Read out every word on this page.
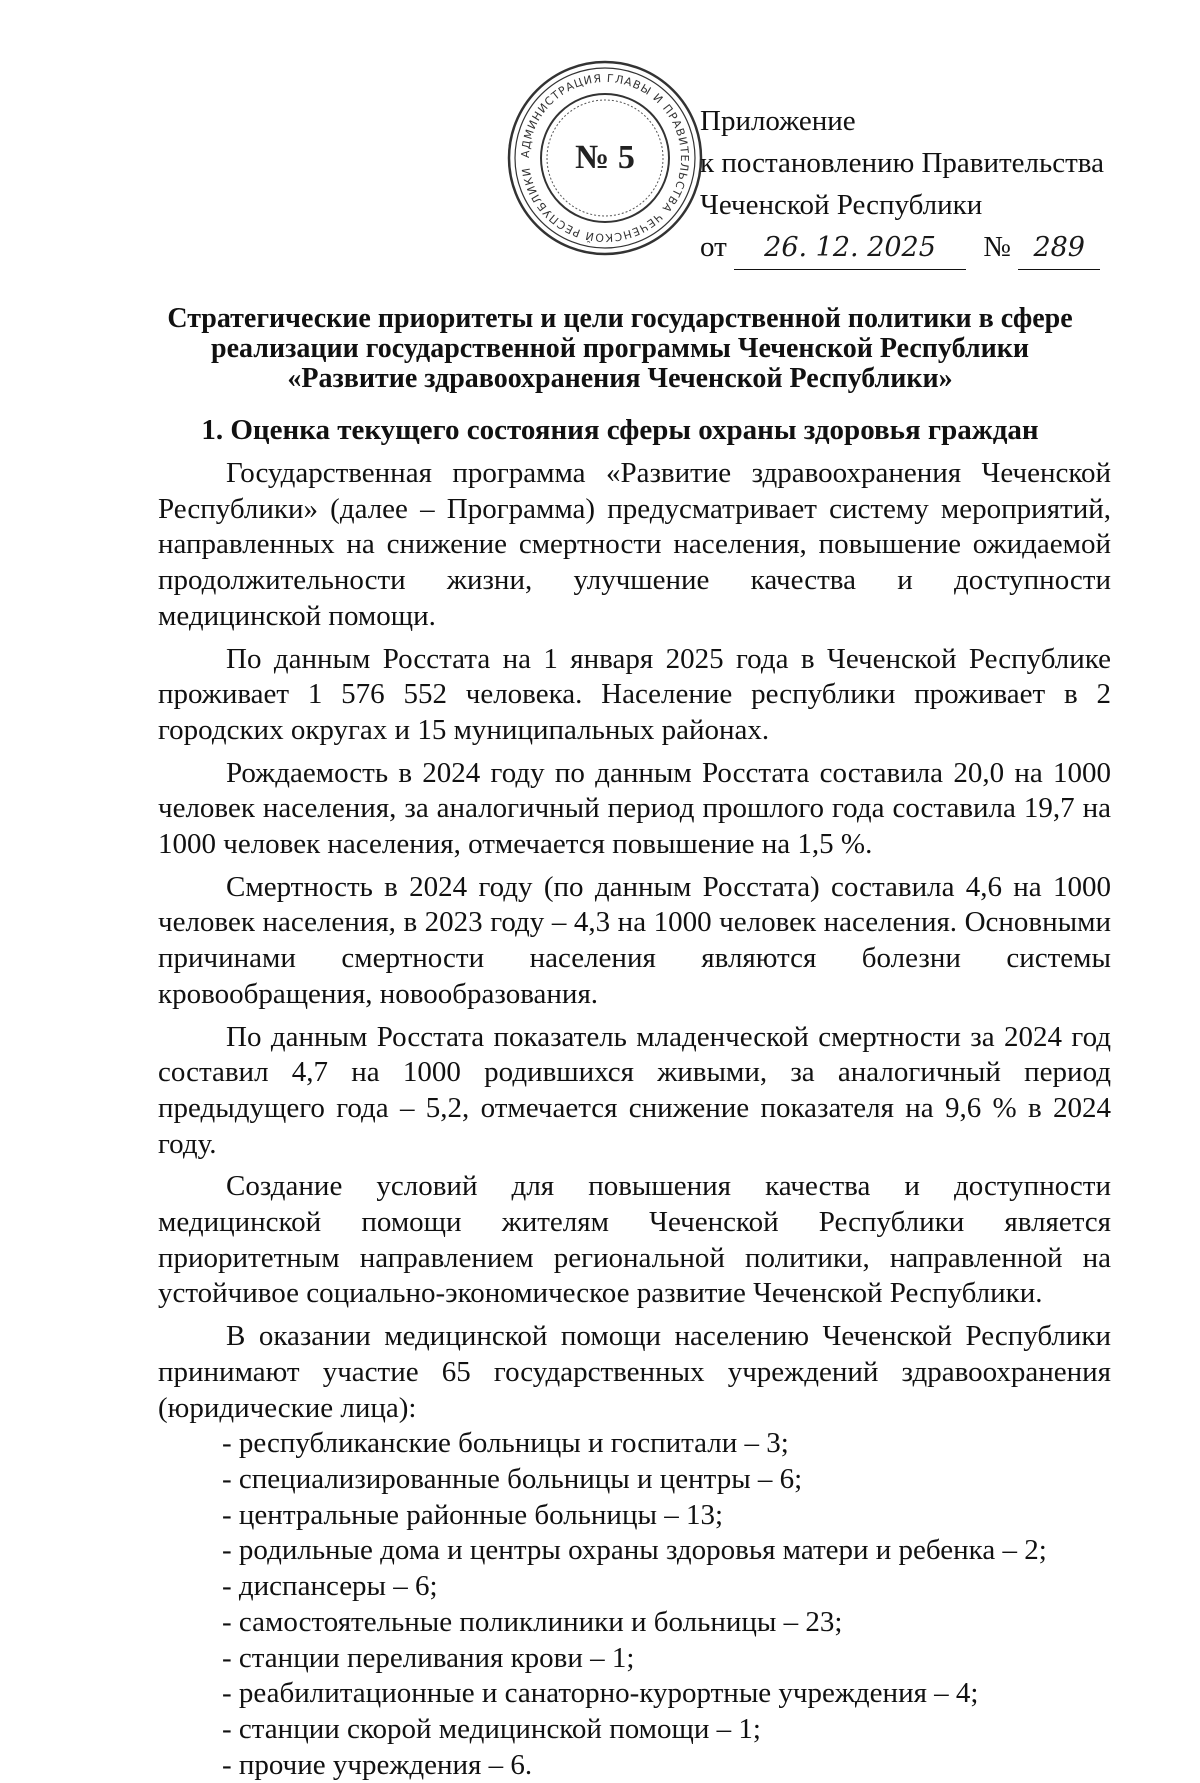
АДМИНИСТРАЦИЯ ГЛАВЫ И ПРАВИТЕЛЬСТВА ЧЕЧЕНСКОЙ РЕСПУБЛИКИ	№ 5
Приложение
к постановлению Правительства
Чеченской Республики
от 26. 12. 2025 № 289
Стратегические приоритеты и цели государственной политики в сфере
реализации государственной программы Чеченской Республики
«Развитие здравоохранения Чеченской Республики»
1. Оценка текущего состояния сферы охраны здоровья граждан

Государственная программа «Развитие здравоохранения Чеченской Республики» (далее – Программа) предусматривает систему мероприятий, направленных на снижение смертности населения, повышение ожидаемой продолжительности жизни, улучшение качества и доступности медицинской помощи.

По данным Росстата на 1 января 2025 года в Чеченской Республике проживает 1 576 552 человека. Население республики проживает в 2 городских округах и 15 муниципальных районах.

Рождаемость в 2024 году по данным Росстата составила 20,0 на 1000 человек населения, за аналогичный период прошлого года составила 19,7 на 1000 человек населения, отмечается повышение на 1,5 %.

Смертность в 2024 году (по данным Росстата) составила 4,6 на 1000 человек населения, в 2023 году – 4,3 на 1000 человек населения. Основными причинами смертности населения являются болезни системы кровообращения, новообразования.

По данным Росстата показатель младенческой смертности за 2024 год составил 4,7 на 1000 родившихся живыми, за аналогичный период предыдущего года – 5,2, отмечается снижение показателя на 9,6 % в 2024 году.

Создание условий для повышения качества и доступности медицинской помощи жителям Чеченской Республики является приоритетным направлением региональной политики, направленной на устойчивое социально-экономическое развитие Чеченской Республики.

В оказании медицинской помощи населению Чеченской Республики принимают участие 65 государственных учреждений здравоохранения (юридические лица):

- республиканские больницы и госпитали – 3;
- специализированные больницы и центры – 6;
- центральные районные больницы – 13;
- родильные дома и центры охраны здоровья матери и ребенка – 2;
- диспансеры – 6;
- самостоятельные поликлиники и больницы – 23;
- станции переливания крови – 1;
- реабилитационные и санаторно-курортные учреждения – 4;
- станции скорой медицинской помощи – 1;
- прочие учреждения – 6.
